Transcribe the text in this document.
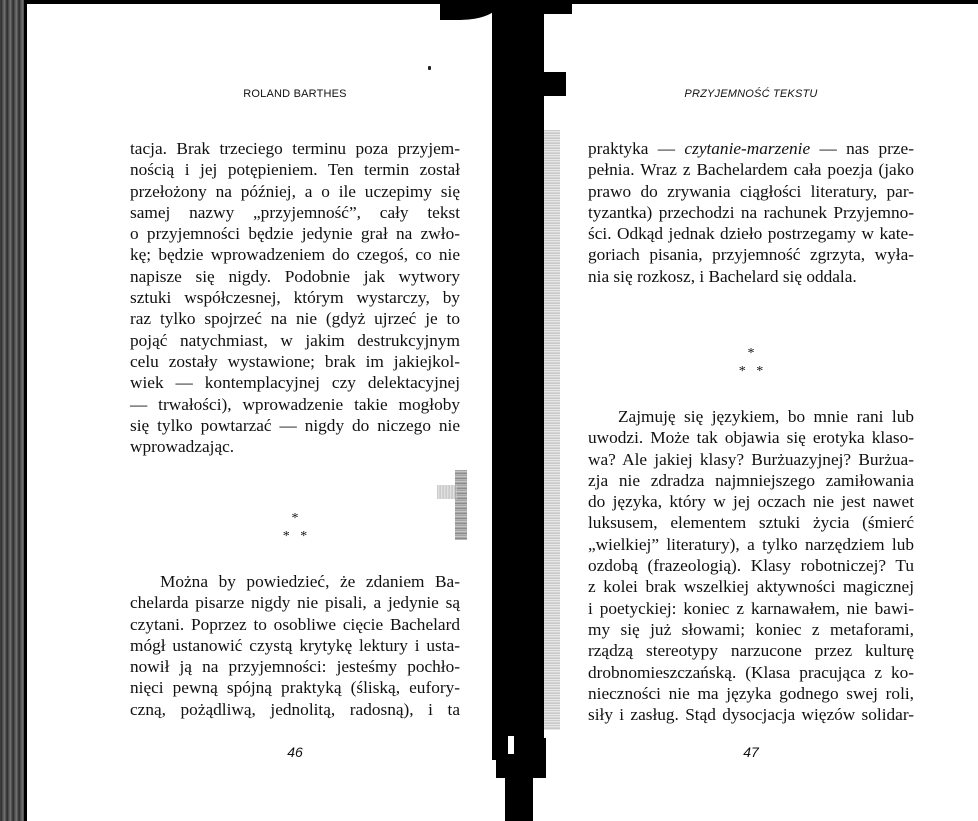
ROLAND BARTHES
tacja. Brak trzeciego terminu poza przyjem-
nością i jej potępieniem. Ten termin został
przełożony na później, a o ile uczepimy się
samej nazwy „przyjemność”, cały tekst
o przyjemności będzie jedynie grał na zwło-
kę; będzie wprowadzeniem do czegoś, co nie
napisze się nigdy. Podobnie jak wytwory
sztuki współczesnej, którym wystarczy, by
raz tylko spojrzeć na nie (gdyż ujrzeć je to
pojąć natychmiast, w jakim destrukcyjnym
celu zostały wystawione; brak im jakiejkol-
wiek — kontemplacyjnej czy delektacyjnej
— trwałości), wprowadzenie takie mogłoby
się tylko powtarzać — nigdy do niczego nie
wprowadzając.
*
*   *
Można by powiedzieć, że zdaniem Ba-
chelarda pisarze nigdy nie pisali, a jedynie są
czytani. Poprzez to osobliwe cięcie Bachelard
mógł ustanowić czystą krytykę lektury i usta-
nowił ją na przyjemności: jesteśmy pochło-
nięci pewną spójną praktyką (śliską, eufory-
czną, pożądliwą, jednolitą, radosną), i ta
46
PRZYJEMNOŚĆ TEKSTU
praktyka — czytanie-marzenie — nas prze-
pełnia. Wraz z Bachelardem cała poezja (jako
prawo do zrywania ciągłości literatury, par-
tyzantka) przechodzi na rachunek Przyjemno-
ści. Odkąd jednak dzieło postrzegamy w kate-
goriach pisania, przyjemność zgrzyta, wyła-
nia się rozkosz, i Bachelard się oddala.
*
*   *
Zajmuję się językiem, bo mnie rani lub
uwodzi. Może tak objawia się erotyka klaso-
wa? Ale jakiej klasy? Burżuazyjnej? Burżua-
zja nie zdradza najmniejszego zamiłowania
do języka, który w jej oczach nie jest nawet
luksusem, elementem sztuki życia (śmierć
„wielkiej” literatury), a tylko narzędziem lub
ozdobą (frazeologią). Klasy robotniczej? Tu
z kolei brak wszelkiej aktywności magicznej
i poetyckiej: koniec z karnawałem, nie bawi-
my się już słowami; koniec z metaforami,
rządzą stereotypy narzucone przez kulturę
drobnomieszczańską. (Klasa pracująca z ko-
nieczności nie ma języka godnego swej roli,
siły i zasług. Stąd dysocjacja więzów solidar-
47
